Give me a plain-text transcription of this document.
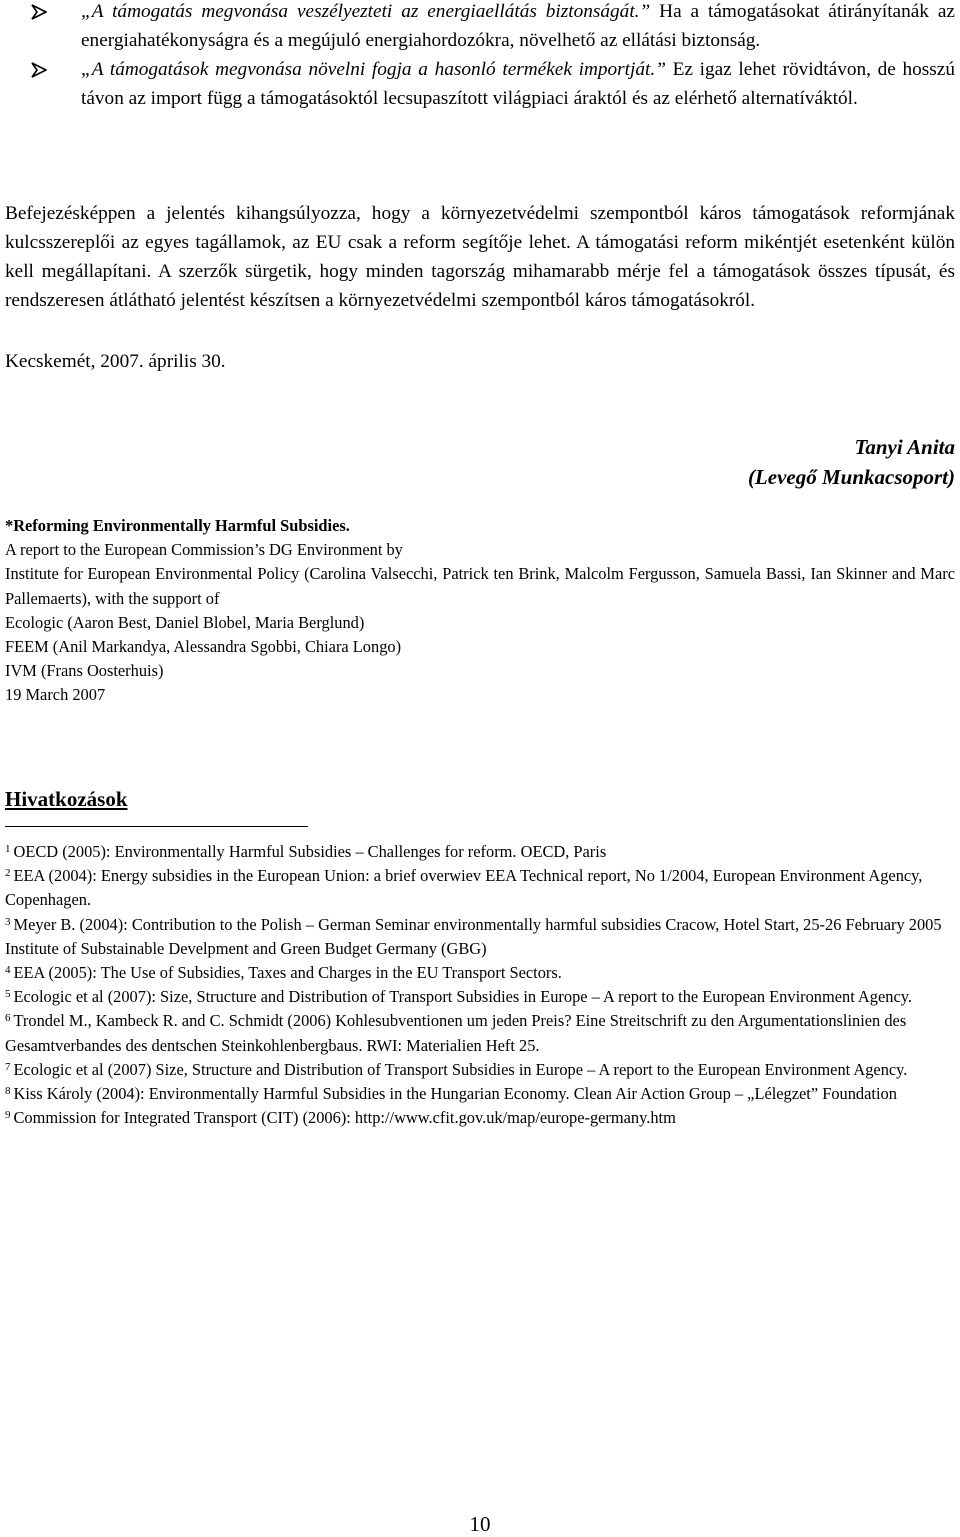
„A támogatás megvonása veszélyezteti az energiaellátás biztonságát.” Ha a támogatásokat átirányítanák az energiahatékonyságra és a megújuló energiahordozókra, növelhető az ellátási biztonság.

„A támogatások megvonása növelni fogja a hasonló termékek importját.” Ez igaz lehet rövidtávon, de hosszú távon az import függ a támogatásoktól lecsupaszított világpiaci áraktól és az elérhető alternatíváktól.

Befejezésképpen a jelentés kihangsúlyozza, hogy a környezetvédelmi szempontból káros támogatások reformjának kulcsszereplői az egyes tagállamok, az EU csak a reform segítője lehet. A támogatási reform mikéntjét esetenként külön kell megállapítani. A szerzők sürgetik, hogy minden tagország mihamarabb mérje fel a támogatások összes típusát, és rendszeresen átlátható jelentést készítsen a környezetvédelmi szempontból káros támogatásokról.

Kecskemét, 2007. április 30.

Tanyi Anita
(Levegő Munkacsoport)

*Reforming Environmentally Harmful Subsidies.

A report to the European Commission’s DG Environment by

Institute for European Environmental Policy (Carolina Valsecchi, Patrick ten Brink, Malcolm Fergusson, Samuela Bassi, Ian Skinner and Marc Pallemaerts), with the support of

Ecologic (Aaron Best, Daniel Blobel, Maria Berglund)

FEEM (Anil Markandya, Alessandra Sgobbi, Chiara Longo)

IVM (Frans Oosterhuis)

19 March 2007

Hivatkozások

$^1$ OECD (2005): Environmentally Harmful Subsidies – Challenges for reform. OECD, Paris

$^2$ EEA (2004): Energy subsidies in the European Union: a brief overwiev EEA Technical report, No 1/2004, European Environment Agency, Copenhagen.

$^3$ Meyer B. (2004): Contribution to the Polish – German Seminar environmentally harmful subsidies Cracow, Hotel Start, 25-26 February 2005 Institute of Substainable Develpment and Green Budget Germany (GBG)

$^4$ EEA (2005): The Use of Subsidies, Taxes and Charges in the EU Transport Sectors.

$^5$ Ecologic et al (2007): Size, Structure and Distribution of Transport Subsidies in Europe – A report to the European Environment Agency.

$^6$ Trondel M., Kambeck R. and C. Schmidt (2006) Kohlesubventionen um jeden Preis? Eine Streitschrift zu den Argumentationslinien des Gesamtverbandes des dentschen Steinkohlenbergbaus. RWI: Materialien Heft 25.

$^7$ Ecologic et al (2007) Size, Structure and Distribution of Transport Subsidies in Europe – A report to the European Environment Agency.

$^8$ Kiss Károly (2004): Environmentally Harmful Subsidies in the Hungarian Economy. Clean Air Action Group – „Lélegzet” Foundation

$^9$ Commission for Integrated Transport (CIT) (2006): http://www.cfit.gov.uk/map/europe-germany.htm

10
